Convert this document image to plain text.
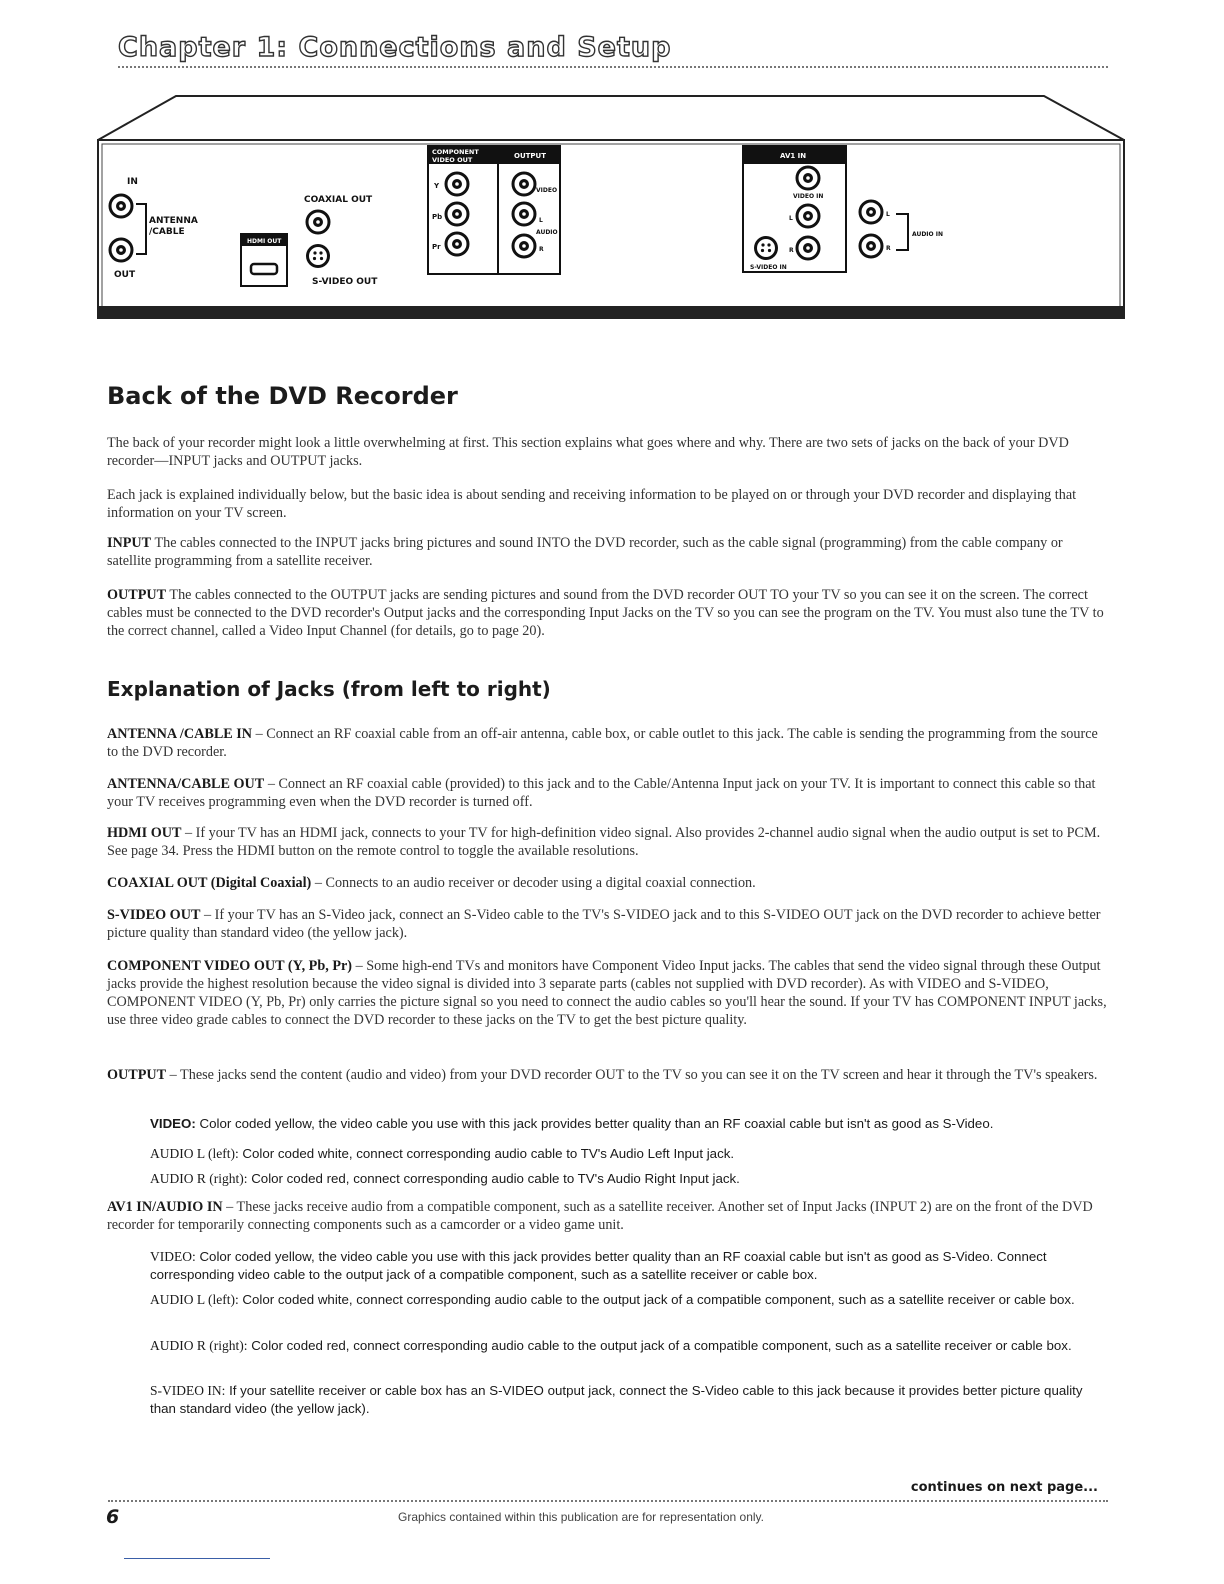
Chapter 1: Connections and Setup
IN
ANTENNA
/CABLE
OUT
HDMI OUT
COAXIAL OUT
S-VIDEO OUT
COMPONENT
VIDEO OUT
Y
Pb
Pr
OUTPUT
VIDEO
L
AUDIO
R
AV1 IN
VIDEO IN
L
R
S-VIDEO IN
L
R
AUDIO IN
Back of the DVD Recorder

The back of your recorder might look a little overwhelming at first. This section explains what goes where and why. There are two sets of jacks on the back of your DVD recorder—INPUT jacks and OUTPUT jacks.

Each jack is explained individually below, but the basic idea is about sending and receiving information to be played on or through your DVD recorder and displaying that information on your TV screen.

INPUT The cables connected to the INPUT jacks bring pictures and sound INTO the DVD recorder, such as the cable signal (programming) from the cable company or satellite programming from a satellite receiver.

OUTPUT The cables connected to the OUTPUT jacks are sending pictures and sound from the DVD recorder OUT TO your TV so you can see it on the screen. The correct cables must be connected to the DVD recorder's Output jacks and the corresponding Input Jacks on the TV so you can see the program on the TV. You must also tune the TV to the correct channel, called a Video Input Channel (for details, go to page 20).

Explanation of Jacks (from left to right)

ANTENNA /CABLE IN – Connect an RF coaxial cable from an off-air antenna, cable box, or cable outlet to this jack. The cable is sending the programming from the source to the DVD recorder.

ANTENNA/CABLE OUT – Connect an RF coaxial cable (provided) to this jack and to the Cable/Antenna Input jack on your TV. It is important to connect this cable so that your TV receives programming even when the DVD recorder is turned off.

HDMI OUT – If your TV has an HDMI jack, connects to your TV for high-definition video signal. Also provides 2-channel audio signal when the audio output is set to PCM. See page 34. Press the HDMI button on the remote control to toggle the available resolutions.

COAXIAL OUT (Digital Coaxial) – Connects to an audio receiver or decoder using a digital coaxial connection.

S-VIDEO OUT – If your TV has an S-Video jack, connect an S-Video cable to the TV's S-VIDEO jack and to this S-VIDEO OUT jack on the DVD recorder to achieve better picture quality than standard video (the yellow jack).

COMPONENT VIDEO OUT (Y, Pb, Pr) – Some high-end TVs and monitors have Component Video Input jacks. The cables that send the video signal through these Output jacks provide the highest resolution because the video signal is divided into 3 separate parts (cables not supplied with DVD recorder). As with VIDEO and S-VIDEO, COMPONENT VIDEO (Y, Pb, Pr) only carries the picture signal so you need to connect the audio cables so you'll hear the sound. If your TV has COMPONENT INPUT jacks, use three video grade cables to connect the DVD recorder to these jacks on the TV to get the best picture quality.

OUTPUT – These jacks send the content (audio and video) from your DVD recorder OUT to the TV so you can see it on the TV screen and hear it through the TV's speakers.

VIDEO: Color coded yellow, the video cable you use with this jack provides better quality than an RF coaxial cable but isn't as good as S-Video.

AUDIO L (left): Color coded white, connect corresponding audio cable to TV's Audio Left Input jack.

AUDIO R (right): Color coded red, connect corresponding audio cable to TV's Audio Right Input jack.

AV1 IN/AUDIO IN – These jacks receive audio from a compatible component, such as a satellite receiver. Another set of Input Jacks (INPUT 2) are on the front of the DVD recorder for temporarily connecting components such as a camcorder or a video game unit.

VIDEO: Color coded yellow, the video cable you use with this jack provides better quality than an RF coaxial cable but isn't as good as S-Video. Connect corresponding video cable to the output jack of a compatible component, such as a satellite receiver or cable box.

AUDIO L (left): Color coded white, connect corresponding audio cable to the output jack of a compatible component, such as a satellite receiver or cable box.

AUDIO R (right): Color coded red, connect corresponding audio cable to the output jack of a compatible component, such as a satellite receiver or cable box.

S-VIDEO IN: If your satellite receiver or cable box has an S-VIDEO output jack, connect the S-Video cable to this jack because it provides better picture quality than standard video (the yellow jack).

continues on next page...
6	Graphics contained within this publication are for representation only.
